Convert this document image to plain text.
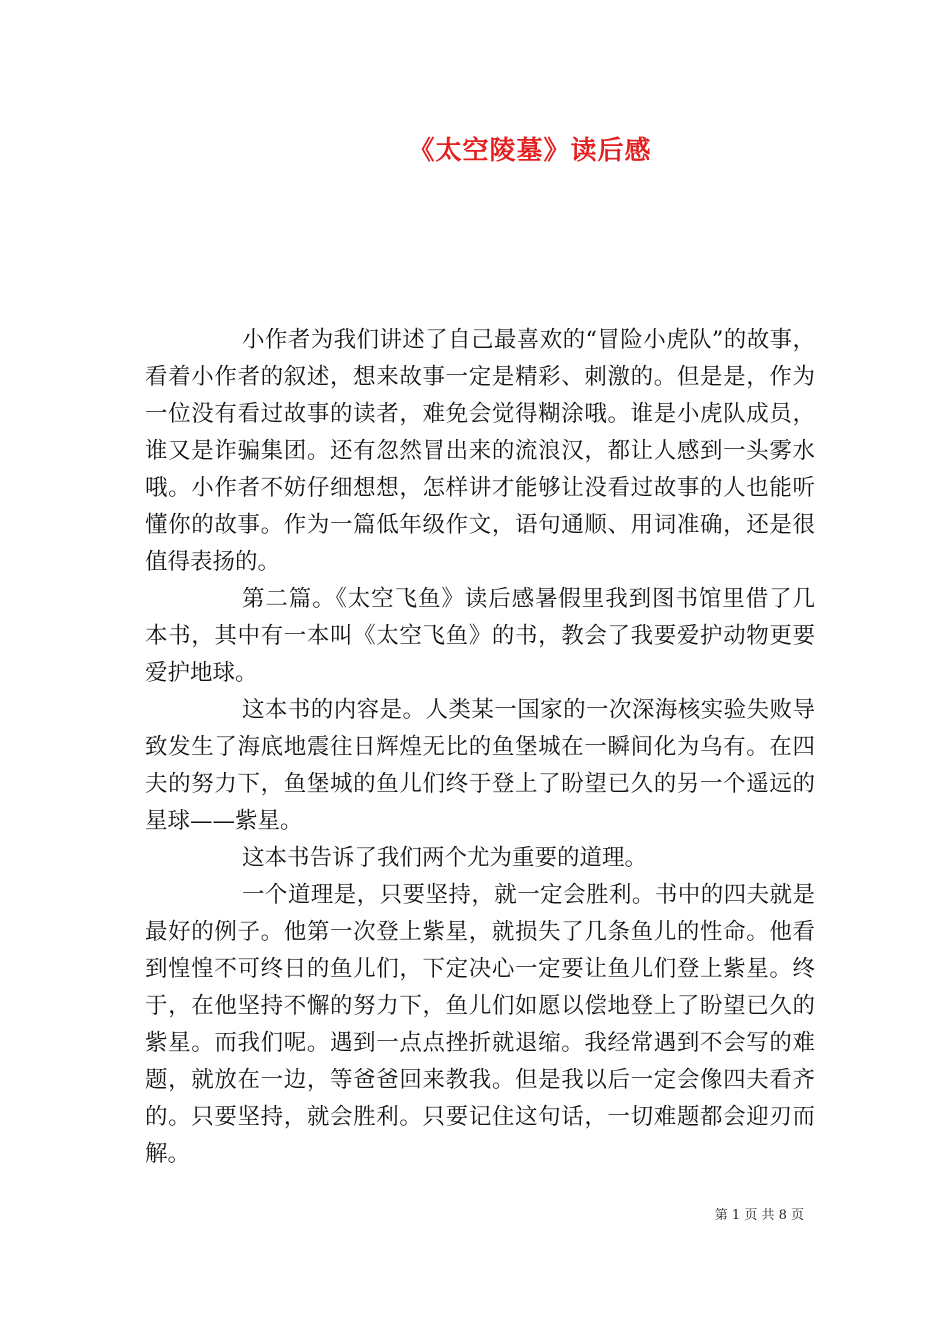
《太空陵墓》读后感

小作者为我们讲述了自己最喜欢的“冒险小虎队”的故事，看着小作者的叙述，想来故事一定是精彩、刺激的。但是是，作为一位没有看过故事的读者，难免会觉得糊涂哦。谁是小虎队成员，谁又是诈骗集团。还有忽然冒出来的流浪汉，都让人感到一头雾水哦。小作者不妨仔细想想，怎样讲才能够让没看过故事的人也能听懂你的故事。作为一篇低年级作文，语句通顺、用词准确，还是很值得表扬的。

第二篇。《太空飞鱼》读后感暑假里我到图书馆里借了几本书，其中有一本叫《太空飞鱼》的书，教会了我要爱护动物更要爱护地球。

这本书的内容是。人类某一国家的一次深海核实验失败导致发生了海底地震往日辉煌无比的鱼堡城在一瞬间化为乌有。在四夫的努力下，鱼堡城的鱼儿们终于登上了盼望已久的另一个遥远的星球——紫星。

这本书告诉了我们两个尤为重要的道理。

一个道理是，只要坚持，就一定会胜利。书中的四夫就是最好的例子。他第一次登上紫星，就损失了几条鱼儿的性命。他看到惶惶不可终日的鱼儿们，下定决心一定要让鱼儿们登上紫星。终于，在他坚持不懈的努力下，鱼儿们如愿以偿地登上了盼望已久的紫星。而我们呢。遇到一点点挫折就退缩。我经常遇到不会写的难题，就放在一边，等爸爸回来教我。但是我以后一定会像四夫看齐的。只要坚持，就会胜利。只要记住这句话，一切难题都会迎刃而解。

第 1 页 共 8 页
